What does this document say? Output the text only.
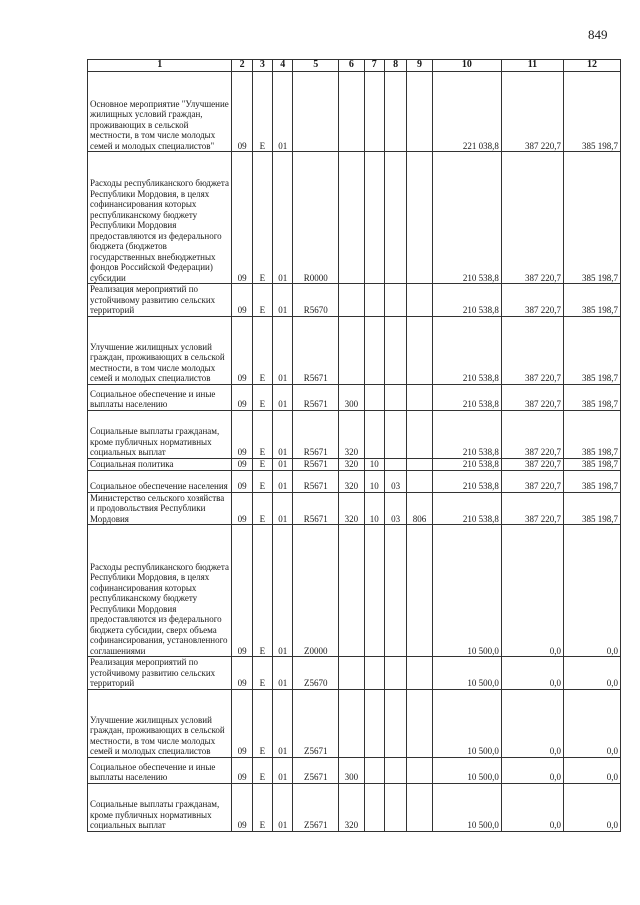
849
1	2	3	4	5	6	7	8	9	10	11	12
Основное мероприятие "Улучшение жилищных условий граждан, проживающих в сельской местности, в том числе молодых семей и молодых специалистов"	09	Е	01						221 038,8	387 220,7	385 198,7
Расходы республиканского бюджета Республики Мордовия, в целях софинансирования которых республиканскому бюджету Республики Мордовия предоставляются из федерального бюджета (бюджетов государственных внебюджетных фондов Российской Федерации) субсидии	09	Е	01	R0000					210 538,8	387 220,7	385 198,7
Реализация мероприятий по устойчивому развитию сельских территорий	09	Е	01	R5670					210 538,8	387 220,7	385 198,7
Улучшение жилищных условий граждан, проживающих в сельской местности, в том числе молодых семей и молодых специалистов	09	Е	01	R5671					210 538,8	387 220,7	385 198,7
Социальное обеспечение и иные выплаты населению	09	Е	01	R5671	300				210 538,8	387 220,7	385 198,7
Социальные выплаты гражданам, кроме публичных нормативных социальных выплат	09	Е	01	R5671	320				210 538,8	387 220,7	385 198,7
Социальная политика	09	Е	01	R5671	320	10			210 538,8	387 220,7	385 198,7
Социальное обеспечение населения	09	Е	01	R5671	320	10	03		210 538,8	387 220,7	385 198,7
Министерство сельского хозяйства и продовольствия Республики Мордовия	09	Е	01	R5671	320	10	03	806	210 538,8	387 220,7	385 198,7
Расходы республиканского бюджета Республики Мордовия, в целях софинансирования которых республиканскому бюджету Республики Мордовия предоставляются из федерального бюджета субсидии, сверх объема софинансирования, установленного соглашениями	09	Е	01	Z0000					10 500,0	0,0	0,0
Реализация мероприятий по устойчивому развитию сельских территорий	09	Е	01	Z5670					10 500,0	0,0	0,0
Улучшение жилищных условий граждан, проживающих в сельской местности, в том числе молодых семей и молодых специалистов	09	Е	01	Z5671					10 500,0	0,0	0,0
Социальное обеспечение и иные выплаты населению	09	Е	01	Z5671	300				10 500,0	0,0	0,0
Социальные выплаты гражданам, кроме публичных нормативных социальных выплат	09	Е	01	Z5671	320				10 500,0	0,0	0,0
